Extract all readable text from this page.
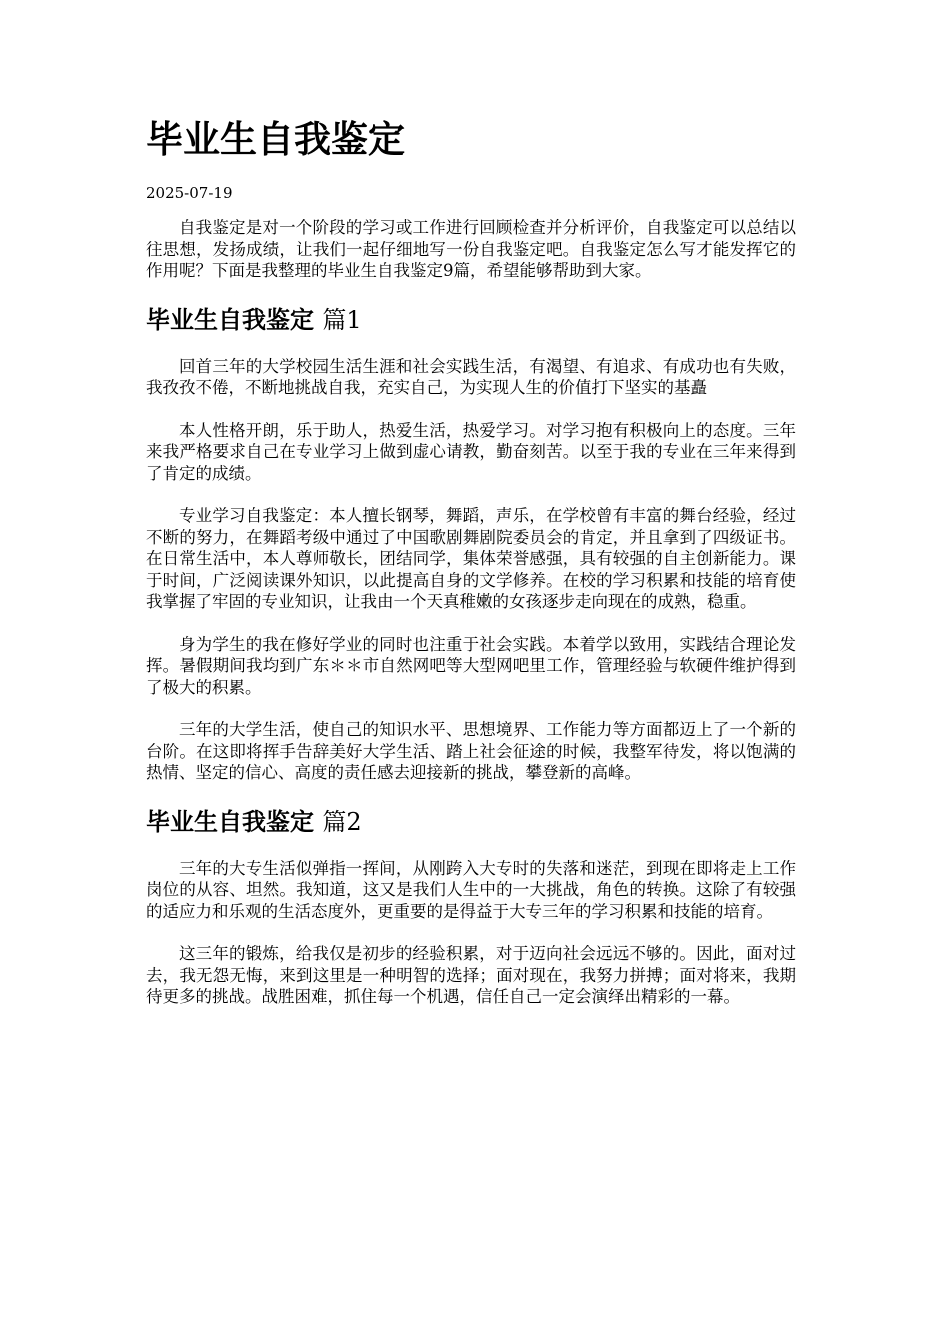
毕业生自我鉴定
2025-07-19

自我鉴定是对一个阶段的学习或工作进行回顾检查并分析评价，自我鉴定可以总结以往思想，发扬成绩，让我们一起仔细地写一份自我鉴定吧。自我鉴定怎么写才能发挥它的作用呢？下面是我整理的毕业生自我鉴定9篇，希望能够帮助到大家。

毕业生自我鉴定 篇1

回首三年的大学校园生活生涯和社会实践生活，有渴望、有追求、有成功也有失败，我孜孜不倦，不断地挑战自我，充实自己，为实现人生的价值打下坚实的基矗

本人性格开朗，乐于助人，热爱生活，热爱学习。对学习抱有积极向上的态度。三年来我严格要求自己在专业学习上做到虚心请教，勤奋刻苦。以至于我的专业在三年来得到了肯定的成绩。

专业学习自我鉴定：本人擅长钢琴，舞蹈，声乐，在学校曾有丰富的舞台经验，经过不断的努力，在舞蹈考级中通过了中国歌剧舞剧院委员会的肯定，并且拿到了四级证书。在日常生活中，本人尊师敬长，团结同学，集体荣誉感强，具有较强的自主创新能力。课于时间，广泛阅读课外知识，以此提高自身的文学修养。在校的学习积累和技能的培育使我掌握了牢固的专业知识，让我由一个天真稚嫩的女孩逐步走向现在的成熟，稳重。

身为学生的我在修好学业的同时也注重于社会实践。本着学以致用，实践结合理论发挥。暑假期间我均到广东＊＊市自然网吧等大型网吧里工作，管理经验与软硬件维护得到了极大的积累。

三年的大学生活，使自己的知识水平、思想境界、工作能力等方面都迈上了一个新的台阶。在这即将挥手告辞美好大学生活、踏上社会征途的时候，我整军待发，将以饱满的热情、坚定的信心、高度的责任感去迎接新的挑战，攀登新的高峰。

毕业生自我鉴定 篇2

三年的大专生活似弹指一挥间，从刚跨入大专时的失落和迷茫，到现在即将走上工作岗位的从容、坦然。我知道，这又是我们人生中的一大挑战，角色的转换。这除了有较强的适应力和乐观的生活态度外，更重要的是得益于大专三年的学习积累和技能的培育。

这三年的锻炼，给我仅是初步的经验积累，对于迈向社会远远不够的。因此，面对过去，我无怨无悔，来到这里是一种明智的选择；面对现在，我努力拼搏；面对将来，我期待更多的挑战。战胜困难，抓住每一个机遇，信任自己一定会演绎出精彩的一幕。
